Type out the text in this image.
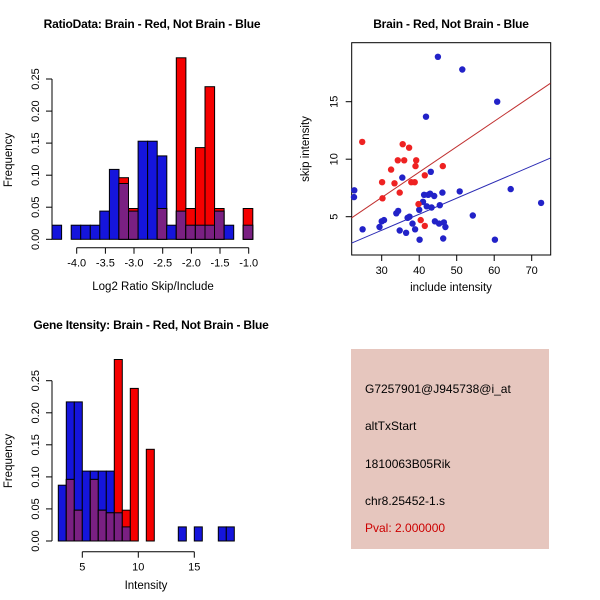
RatioData: Brain - Red, Not Brain - Blue
Log2 Ratio Skip/Include
Frequency
0.00
0.05
0.10
0.15
0.20
0.25
-4.0 -3.5 -3.0 -2.5 -2.0 -1.5 -1.0
Brain - Red, Not Brain - Blue
include intensity
skip intensity
30 40 50 60 70
5
10
15
Gene Itensity: Brain - Red, Not Brain - Blue
Intensity
Frequency
0.00
0.05
0.10
0.15
0.20
0.25
5	10	15
G7257901@J945738@i_at
altTxStart
1810063B05Rik
chr8.25452-1.s
Pval: 2.000000
